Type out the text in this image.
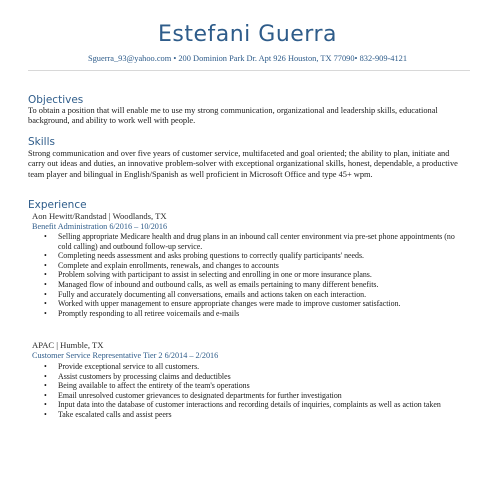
Estefani Guerra
Sguerra_93@yahoo.com • 200 Dominion Park Dr. Apt 926 Houston, TX 77090• 832-909-4121
Objectives
To obtain a position that will enable me to use my strong communication, organizational and leadership skills, educational background, and ability to work well with people.
Skills
Strong communication and over five years of customer service, multifaceted and goal oriented; the ability to plan, initiate and carry out ideas and duties, an innovative problem-solver with exceptional organizational skills, honest, dependable, a productive team player and bilingual in English/Spanish as well proficient in Microsoft Office and type 45+ wpm.
Experience
Aon Hewitt/Randstad | Woodlands, TX
Benefit Administration 6/2016 – 10/2016
• Selling appropriate Medicare health and drug plans in an inbound call center environment via pre-set phone appointments (no cold calling) and outbound follow-up service.
• Completing needs assessment and asks probing questions to correctly qualify participants' needs.
• Complete and explain enrollments, renewals, and changes to accounts
• Problem solving with participant to assist in selecting and enrolling in one or more insurance plans.
• Managed flow of inbound and outbound calls, as well as emails pertaining to many different benefits.
• Fully and accurately documenting all conversations, emails and actions taken on each interaction.
• Worked with upper management to ensure appropriate changes were made to improve customer satisfaction.
• Promptly responding to all retiree voicemails and e-mails
APAC | Humble, TX
Customer Service Representative Tier 2 6/2014 – 2/2016
• Provide exceptional service to all customers.
• Assist customers by processing claims and deductibles
• Being available to affect the entirety of the team's operations
• Email unresolved customer grievances to designated departments for further investigation
• Input data into the database of customer interactions and recording details of inquiries, complaints as well as action taken
• Take escalated calls and assist peers
